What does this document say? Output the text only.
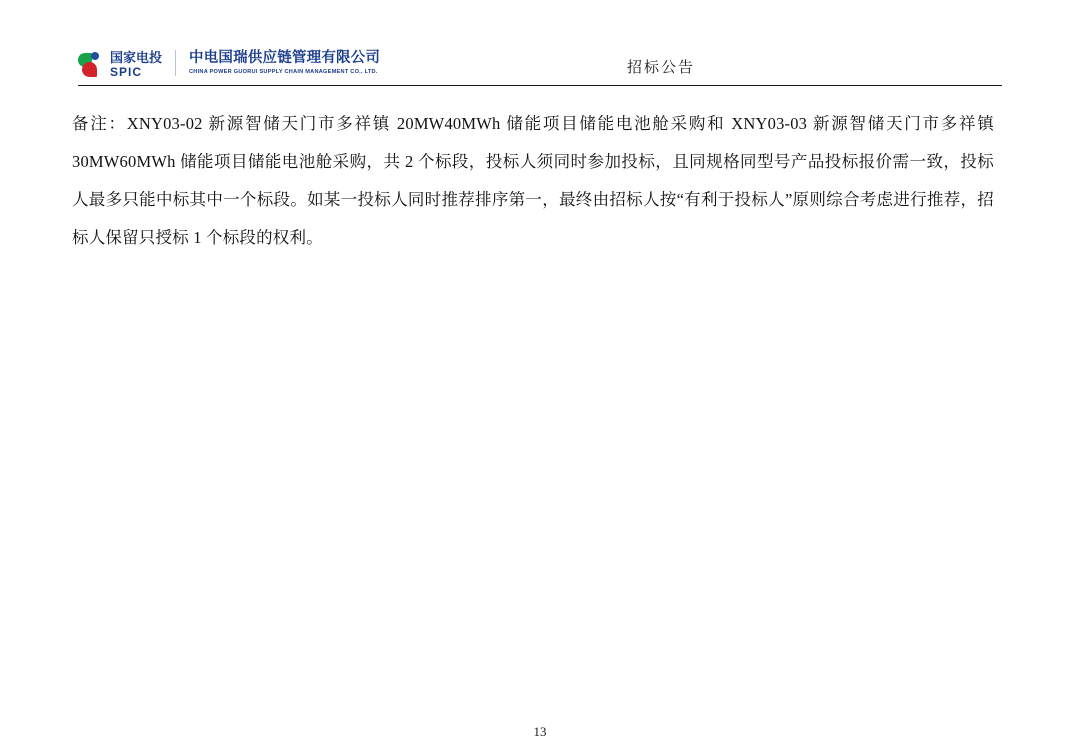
国家电投
SPIC
中电国瑞供应链管理有限公司
CHINA POWER GUORUI SUPPLY CHAIN MANAGEMENT CO., LTD.	招标公告
备注：XNY03-02 新源智储天门市多祥镇 20MW40MWh 储能项目储能电池舱采购和 XNY03-03 新源智储天门市多祥镇 30MW60MWh 储能项目储能电池舱采购，共 2 个标段，投标人须同时参加投标，且同规格同型号产品投标报价需一致，投标人最多只能中标其中一个标段。如某一投标人同时推荐排序第一，最终由招标人按“有利于投标人”原则综合考虑进行推荐，招标人保留只授标 1 个标段的权利。
13
